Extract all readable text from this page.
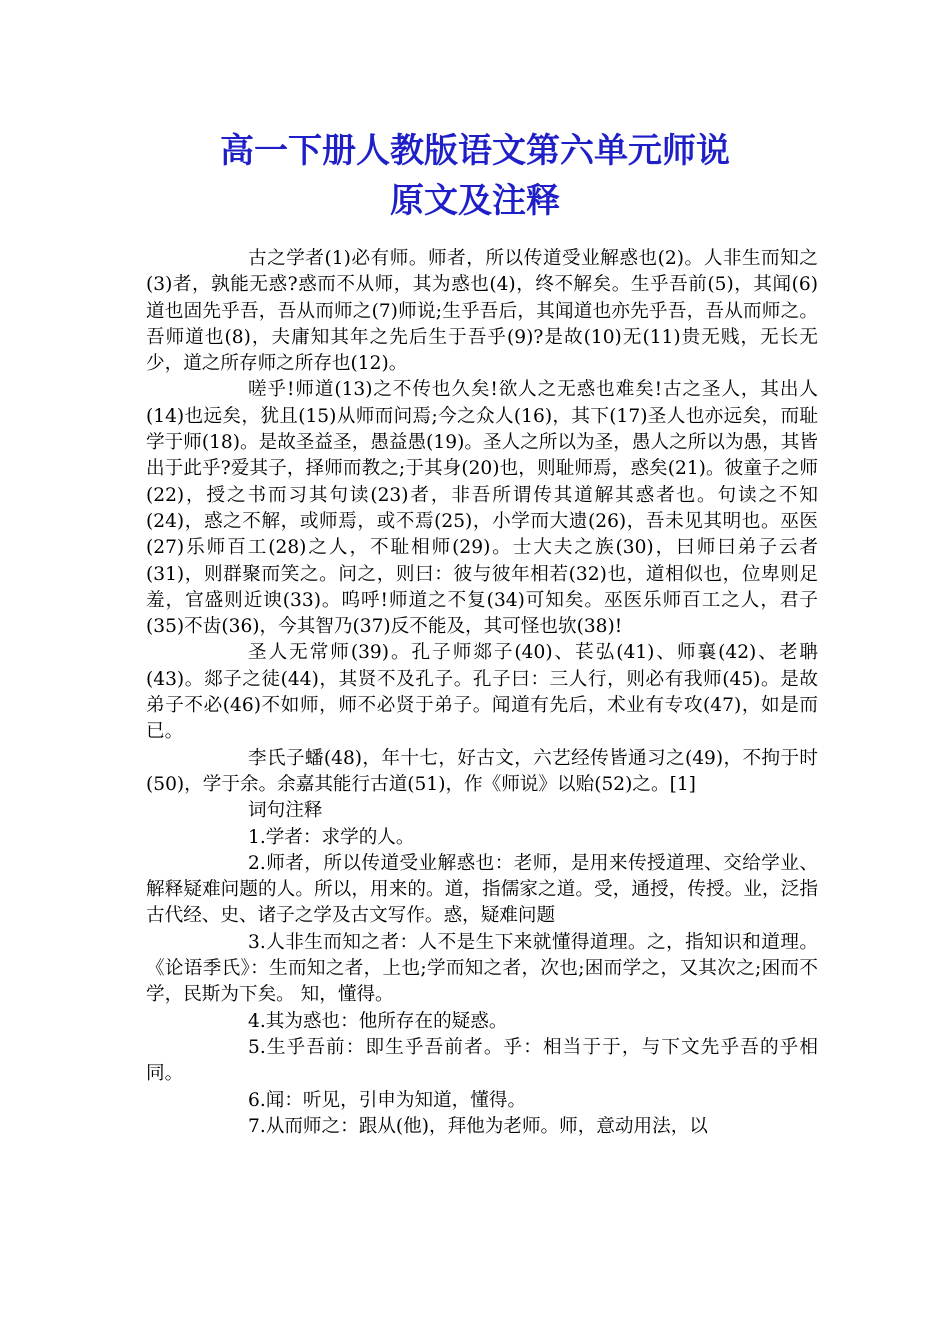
高一下册人教版语文第六单元师说
原文及注释

古之学者(1)必有师。师者，所以传道受业解惑也(2)。人非生而知之(3)者，孰能无惑?惑而不从师，其为惑也(4)，终不解矣。生乎吾前(5)，其闻(6)道也固先乎吾，吾从而师之(7)师说;生乎吾后，其闻道也亦先乎吾，吾从而师之。吾师道也(8)，夫庸知其年之先后生于吾乎(9)?是故(10)无(11)贵无贱，无长无少，道之所存师之所存也(12)。

嗟乎!师道(13)之不传也久矣!欲人之无惑也难矣!古之圣人，其出人(14)也远矣，犹且(15)从师而问焉;今之众人(16)，其下(17)圣人也亦远矣，而耻学于师(18)。是故圣益圣，愚益愚(19)。圣人之所以为圣，愚人之所以为愚，其皆出于此乎?爱其子，择师而教之;于其身(20)也，则耻师焉，惑矣(21)。彼童子之师(22)，授之书而习其句读(23)者，非吾所谓传其道解其惑者也。句读之不知(24)，惑之不解，或师焉，或不焉(25)，小学而大遗(26)，吾未见其明也。巫医(27)乐师百工(28)之人，不耻相师(29)。士大夫之族(30)，曰师曰弟子云者(31)，则群聚而笑之。问之，则曰：彼与彼年相若(32)也，道相似也，位卑则足羞，官盛则近谀(33)。呜呼!师道之不复(34)可知矣。巫医乐师百工之人，君子(35)不齿(36)，今其智乃(37)反不能及，其可怪也欤(38)!

圣人无常师(39)。孔子师郯子(40)、苌弘(41)、师襄(42)、老聃(43)。郯子之徒(44)，其贤不及孔子。孔子曰：三人行，则必有我师(45)。是故弟子不必(46)不如师，师不必贤于弟子。闻道有先后，术业有专攻(47)，如是而已。

李氏子蟠(48)，年十七，好古文，六艺经传皆通习之(49)，不拘于时(50)，学于余。余嘉其能行古道(51)，作《师说》以贻(52)之。[1]

词句注释

1.学者：求学的人。

2.师者，所以传道受业解惑也：老师，是用来传授道理、交给学业、解释疑难问题的人。所以，用来的。道，指儒家之道。受，通授，传授。业，泛指古代经、史、诸子之学及古文写作。惑，疑难问题

3.人非生而知之者：人不是生下来就懂得道理。之，指知识和道理。《论语季氏》：生而知之者，上也;学而知之者，次也;困而学之，又其次之;困而不学，民斯为下矣。 知，懂得。

4.其为惑也：他所存在的疑惑。

5.生乎吾前：即生乎吾前者。乎：相当于于，与下文先乎吾的乎相同。

6.闻：听见，引申为知道，懂得。

7.从而师之：跟从(他)，拜他为老师。师，意动用法，以
